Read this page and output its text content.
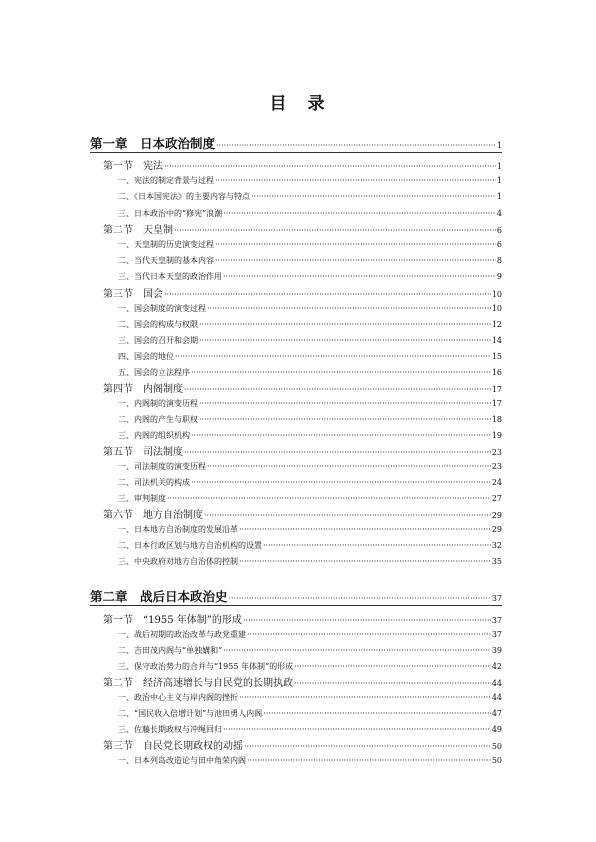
目　录
第一章　日本政治制度 ·····	1
第一节　宪法 ·····	1
一、宪法的制定背景与过程 ·····	1
二、《日本国宪法》的主要内容与特点 ·····	1
三、日本政治中的“修宪”浪潮 ·····	4
第二节　天皇制 ·····	6
一、天皇制的历史演变过程 ·····	6
二、当代天皇制的基本内容 ·····	8
三、当代日本天皇的政治作用 ·····	9
第三节　国会 ·····	10
一、国会制度的演变过程 ·····	10
二、国会的构成与权限 ·····	12
三、国会的召开和会期 ·····	14
四、国会的地位 ·····	15
五、国会的立法程序 ·····	16
第四节　内阁制度 ·····	17
一、内阁制的演变历程 ·····	17
二、内阁的产生与职权 ·····	18
三、内阁的组织机构 ·····	19
第五节　司法制度 ·····	23
一、司法制度的演变历程 ·····	23
二、司法机关的构成 ·····	24
三、审判制度 ·····	27
第六节　地方自治制度 ·····	29
一、日本地方自治制度的发展沿革 ·····	29
二、日本行政区划与地方自治机构的设置 ·····	32
三、中央政府对地方自治体的控制 ·····	35
第二章　战后日本政治史 ·····	37
第一节　“1955 年体制”的形成 ·····	37
一、战后初期的政治改革与政党重建 ·····	37
二、吉田茂内阁与“单独媾和” ·····	39
三、保守政治势力的合并与“1955 年体制”的形成 ·····	42
第二节　经济高速增长与自民党的长期执政 ·····	44
一、政治中心主义与岸内阁的挫折 ·····	44
二、“国民收入倍增计划”与池田勇人内阁 ·····	47
三、佐藤长期政权与冲绳回归 ·····	49
第三节　自民党长期政权的动摇 ·····	50
一、日本列岛改造论与田中角荣内阁 ·····	50
